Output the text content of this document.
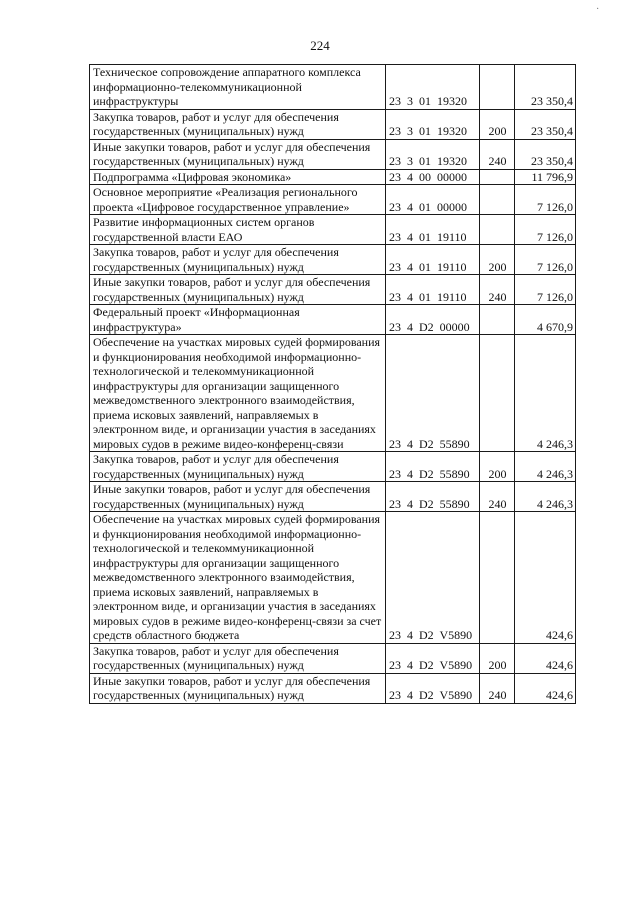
·
224
Техническое сопровождение аппаратного комплекса информационно-телекоммуникационной инфраструктуры	23  3  01  19320		23 350,4
Закупка товаров, работ и услуг для обеспечения государственных (муниципальных) нужд	23  3  01  19320	200	23 350,4
Иные закупки товаров, работ и услуг для обеспечения государственных (муниципальных) нужд	23  3  01  19320	240	23 350,4
Подпрограмма «Цифровая экономика»	23  4  00  00000		11 796,9
Основное мероприятие «Реализация регионального проекта «Цифровое государственное управление»	23  4  01  00000		7 126,0
Развитие информационных систем органов государственной власти ЕАО	23  4  01  19110		7 126,0
Закупка товаров, работ и услуг для обеспечения государственных (муниципальных) нужд	23  4  01  19110	200	7 126,0
Иные закупки товаров, работ и услуг для обеспечения государственных (муниципальных) нужд	23  4  01  19110	240	7 126,0
Федеральный проект «Информационная инфраструктура»	23  4  D2  00000		4 670,9
Обеспечение на участках мировых судей формирования и функционирования необходимой информационно-технологической и телекоммуникационной инфраструктуры для организации защищенного межведомственного электронного взаимодействия, приема исковых заявлений, направляемых в электронном виде, и организации участия в заседаниях мировых судов в режиме видео-конференц-связи	23  4  D2  55890		4 246,3
Закупка товаров, работ и услуг для обеспечения государственных (муниципальных) нужд	23  4  D2  55890	200	4 246,3
Иные закупки товаров, работ и услуг для обеспечения государственных (муниципальных) нужд	23  4  D2  55890	240	4 246,3
Обеспечение на участках мировых судей формирования и функционирования необходимой информационно-технологической и телекоммуникационной инфраструктуры для организации защищенного межведомственного электронного взаимодействия, приема исковых заявлений, направляемых в электронном виде, и организации участия в заседаниях мировых судов в режиме видео-конференц-связи за счет средств областного бюджета	23  4  D2  V5890		424,6
Закупка товаров, работ и услуг для обеспечения государственных (муниципальных) нужд	23  4  D2  V5890	200	424,6
Иные закупки товаров, работ и услуг для обеспечения государственных (муниципальных) нужд	23  4  D2  V5890	240	424,6
